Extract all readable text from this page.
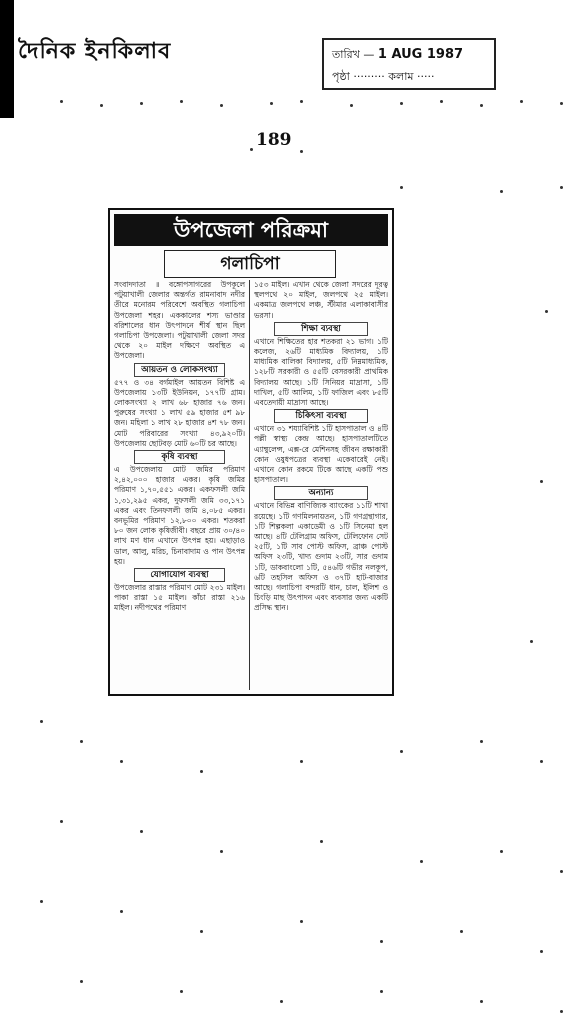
দৈনিক ইনকিলাব	তারিখ — 1 AUG 1987
পৃষ্ঠা ········· কলাম ·····
189
উপজেলা পরিক্রমা
গলাচিপা

সংবাদদাতা ॥ বঙ্গোপসাগরের উপকূলে পটুয়াখালী জেলার অন্তর্গত রামনাবাদ নদীর তীরে মনোরম পরিবেশে অবস্থিত গলাচিপা উপজেলা শহর। এককালের শস্য ভাণ্ডার বরিশালের ধান উৎপাদনে শীর্ষ স্থান ছিল গলাচিপা উপজেলা। পটুয়াখালী জেলা সদর থেকে ২০ মাইল দক্ষিণে অবস্থিত এ উপজেলা।

আয়তন ও লোকসংখ্যা

৫৭৭ ও ৩৪ বর্গমাইল আয়তন বিশিষ্ট এ উপজেলায় ১৩টি ইউনিয়ন, ১৭৭টি গ্রাম। লোকসংখ্যা ২ লাখ ৬৮ হাজার ৭৬ জন। পুরুষের সংখ্যা ১ লাখ ৫৯ হাজার ৫শ ৯৮ জন। মহিলা ১ লাখ ২৮ হাজার ৪শ ৭৮ জন। মোট পরিবারের সংখ্যা ৪৩,৯২০টি। উপজেলায় ছোটবড় মোট ৬০টি চর আছে।

কৃষি ব্যবস্থা

এ উপজেলায় মোট জমির পরিমাণ ২,৪২,০০০ হাজার একর। কৃষি জমির পরিমাণ ১,৭০,৫৫১ একর। একফসলী জমি ১,৩১,২৯৫ একর, দুফসলী জমি ৩৩,১৭১ একর এবং তিনফসলী জমি ৪,০৮৫ একর। বনভূমির পরিমাণ ১২,৮০০ একর। শতকরা ৮০ জন লোক কৃষিজীবী। বছরে প্রায় ৩০/৪০ লাখ মণ ধান এখানে উৎপন্ন হয়। এছাড়াও ডাল, আলু, মরিচ, চিনাবাদাম ও পান উৎপন্ন হয়।

যোগাযোগ ব্যবস্থা

উপজেলার রাস্তার পরিমাণ মোট ২৩১ মাইল। পাকা রাস্তা ১৫ মাইল। কাঁচা রাস্তা ২১৬ মাইল। নদীপথের পরিমাণ

১৫৩ মাইল। এখান থেকে জেলা সদরের দূরত্ব স্থলপথে ২০ মাইল, জলপথে ২৫ মাইল। একমাত্র জলপথে লঞ্চ, স্টীমার এলাকাবাসীর ভরসা।

শিক্ষা ব্যবস্থা

এখানে শিক্ষিতের হার শতকরা ২১ ভাগ। ১টি কলেজ, ২৬টি মাধ্যমিক বিদ্যালয়, ১টি মাধ্যমিক বালিকা বিদ্যালয়, ৫টি নিম্নমাধ্যমিক, ১২৮টি সরকারী ও ৫৫টি বেসরকারী প্রাথমিক বিদ্যালয় আছে। ১টি সিনিয়র মাদ্রাসা, ১টি দাখিল, ৫টি আলিম, ১টি ফাজিল এবং ৮৫টি এবতেদায়ী মাদ্রাসা আছে।

চিকিৎসা ব্যবস্থা

এখানে ৩১ শয্যাবিশিষ্ট ১টি হাসপাতাল ও ৪টি পল্লী স্বাস্থ্য কেন্দ্র আছে। হাসপাতালটিতে এ্যাম্বুলেন্স, এক্স-রে মেশিনসহ জীবন রক্ষাকারী কোন ওষুধপত্রের ব্যবস্থা একেবারেই নেই। এখানে কোন রকমে টিকে আছে একটি পশু হাসপাতাল।

অন্যান্য

এখানে বিভিন্ন বাণিজ্যিক ব্যাংকের ১১টি শাখা রয়েছে। ১টি গণমিলনায়তন, ১টি গণগ্রন্থাগার, ১টি শিল্পকলা একাডেমী ও ১টি সিনেমা হল আছে। ৪টি টেলিগ্রাম অফিস, টেলিফোন সেট ২৫টি, ১টি সাব পোস্ট অফিস, ব্রাঞ্চ পোস্ট অফিস ২৩টি, খাদ্য গুদাম ২৩টি, সার গুদাম ১টি, ডাকবাংলো ১টি, ৫৪৬টি গভীর নলকূপ, ৬টি তহসিল অফিস ও ৩৭টি হাট-বাজার আছে। গলাচিপা বন্দরটি ধান, চাল, ইলিশ ও চিংড়ি মাছ উৎপাদন এবং ব্যবসার জন্য একটি প্রসিদ্ধ স্থান।
